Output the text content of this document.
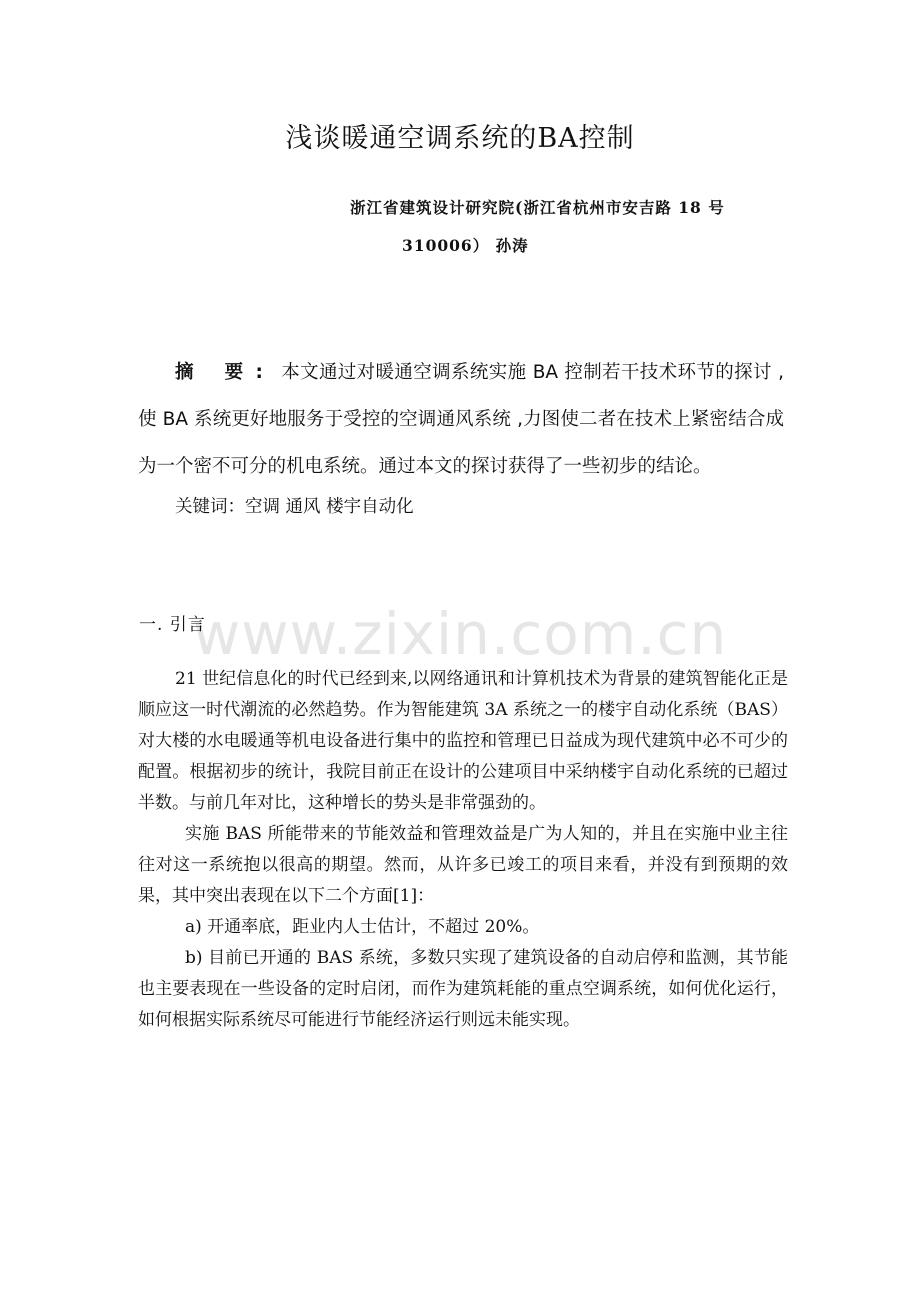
浅谈暖通空调系统的BA控制
浙江省建筑设计研究院(浙江省杭州市安吉路 18 号
310006） 孙涛
摘 要: 本文通过对暖通空调系统实施 BA 控制若干技术环节的探讨 ,使 BA 系统更好地服务于受控的空调通风系统 ,力图使二者在技术上紧密结合成为一个密不可分的机电系统。通过本文的探讨获得了一些初步的结论。
关键词：空调 通风 楼宇自动化
www.zixin.com.cn
一. 引言

21 世纪信息化的时代已经到来,以网络通讯和计算机技术为背景的建筑智能化正是顺应这一时代潮流的必然趋势。作为智能建筑 3A 系统之一的楼宇自动化系统（BAS）对大楼的水电暖通等机电设备进行集中的监控和管理已日益成为现代建筑中必不可少的配置。根据初步的统计，我院目前正在设计的公建项目中采纳楼宇自动化系统的已超过半数。与前几年对比，这种增长的势头是非常强劲的。

实施 BAS 所能带来的节能效益和管理效益是广为人知的，并且在实施中业主往往对这一系统抱以很高的期望。然而，从许多已竣工的项目来看，并没有到预期的效果，其中突出表现在以下二个方面[1]：

a) 开通率底，距业内人士估计，不超过 20%。

b) 目前已开通的 BAS 系统，多数只实现了建筑设备的自动启停和监测，其节能也主要表现在一些设备的定时启闭，而作为建筑耗能的重点空调系统，如何优化运行，如何根据实际系统尽可能进行节能经济运行则远未能实现。
